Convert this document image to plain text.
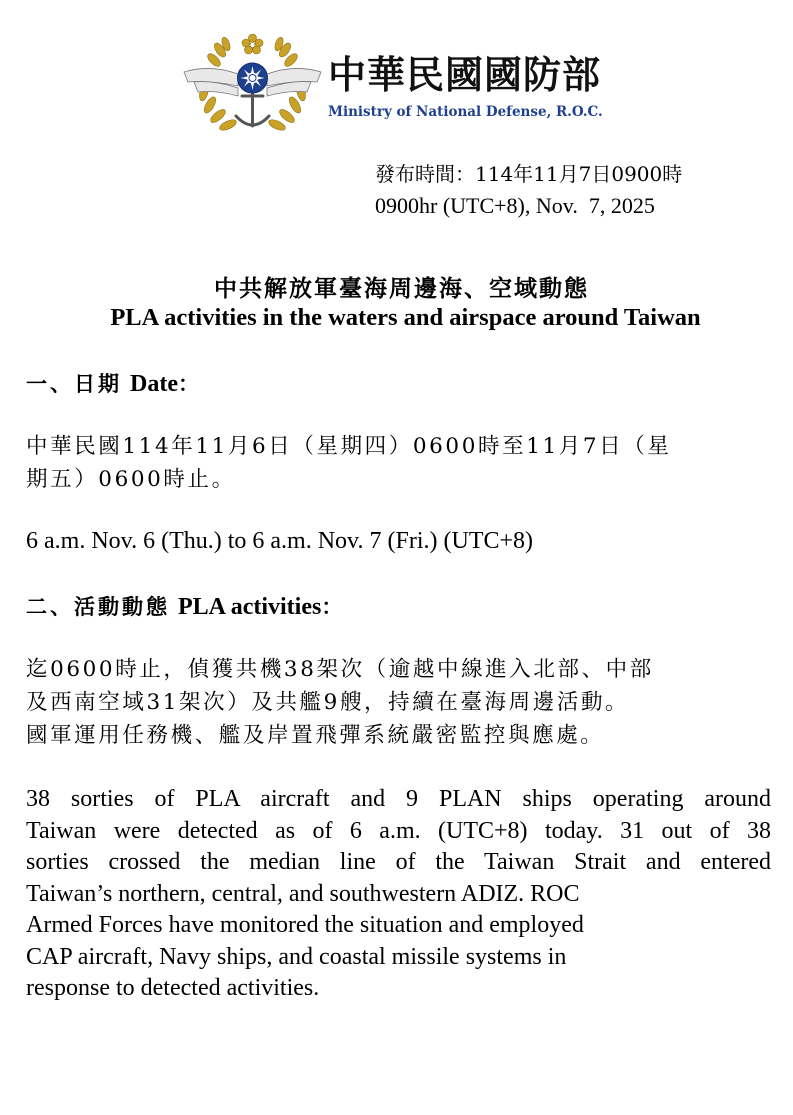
中華民國國防部
Ministry of National Defense, R.O.C.
發布時間：114年11月7日0900時
0900hr (UTC+8), Nov.  7, 2025
中共解放軍臺海周邊海、空域動態
PLA activities in the waters and airspace around Taiwan
一、日期 Date：
中華民國114年11月6日（星期四）0600時至11月7日（星
期五）0600時止。
6 a.m. Nov. 6 (Thu.) to 6 a.m. Nov. 7 (Fri.) (UTC+8)
二、活動動態 PLA activities：
迄0600時止，偵獲共機38架次（逾越中線進入北部、中部
及西南空域31架次）及共艦9艘，持續在臺海周邊活動。
國軍運用任務機、艦及岸置飛彈系統嚴密監控與應處。
38 sorties of PLA aircraft and 9 PLAN ships operating around
Taiwan were detected as of 6 a.m. (UTC+8) today. 31 out of 38
sorties crossed the median line of the Taiwan Strait and entered
Taiwan’s northern, central, and southwestern ADIZ. ROC
Armed Forces have monitored the situation and employed
CAP aircraft, Navy ships, and coastal missile systems in
response to detected activities.
